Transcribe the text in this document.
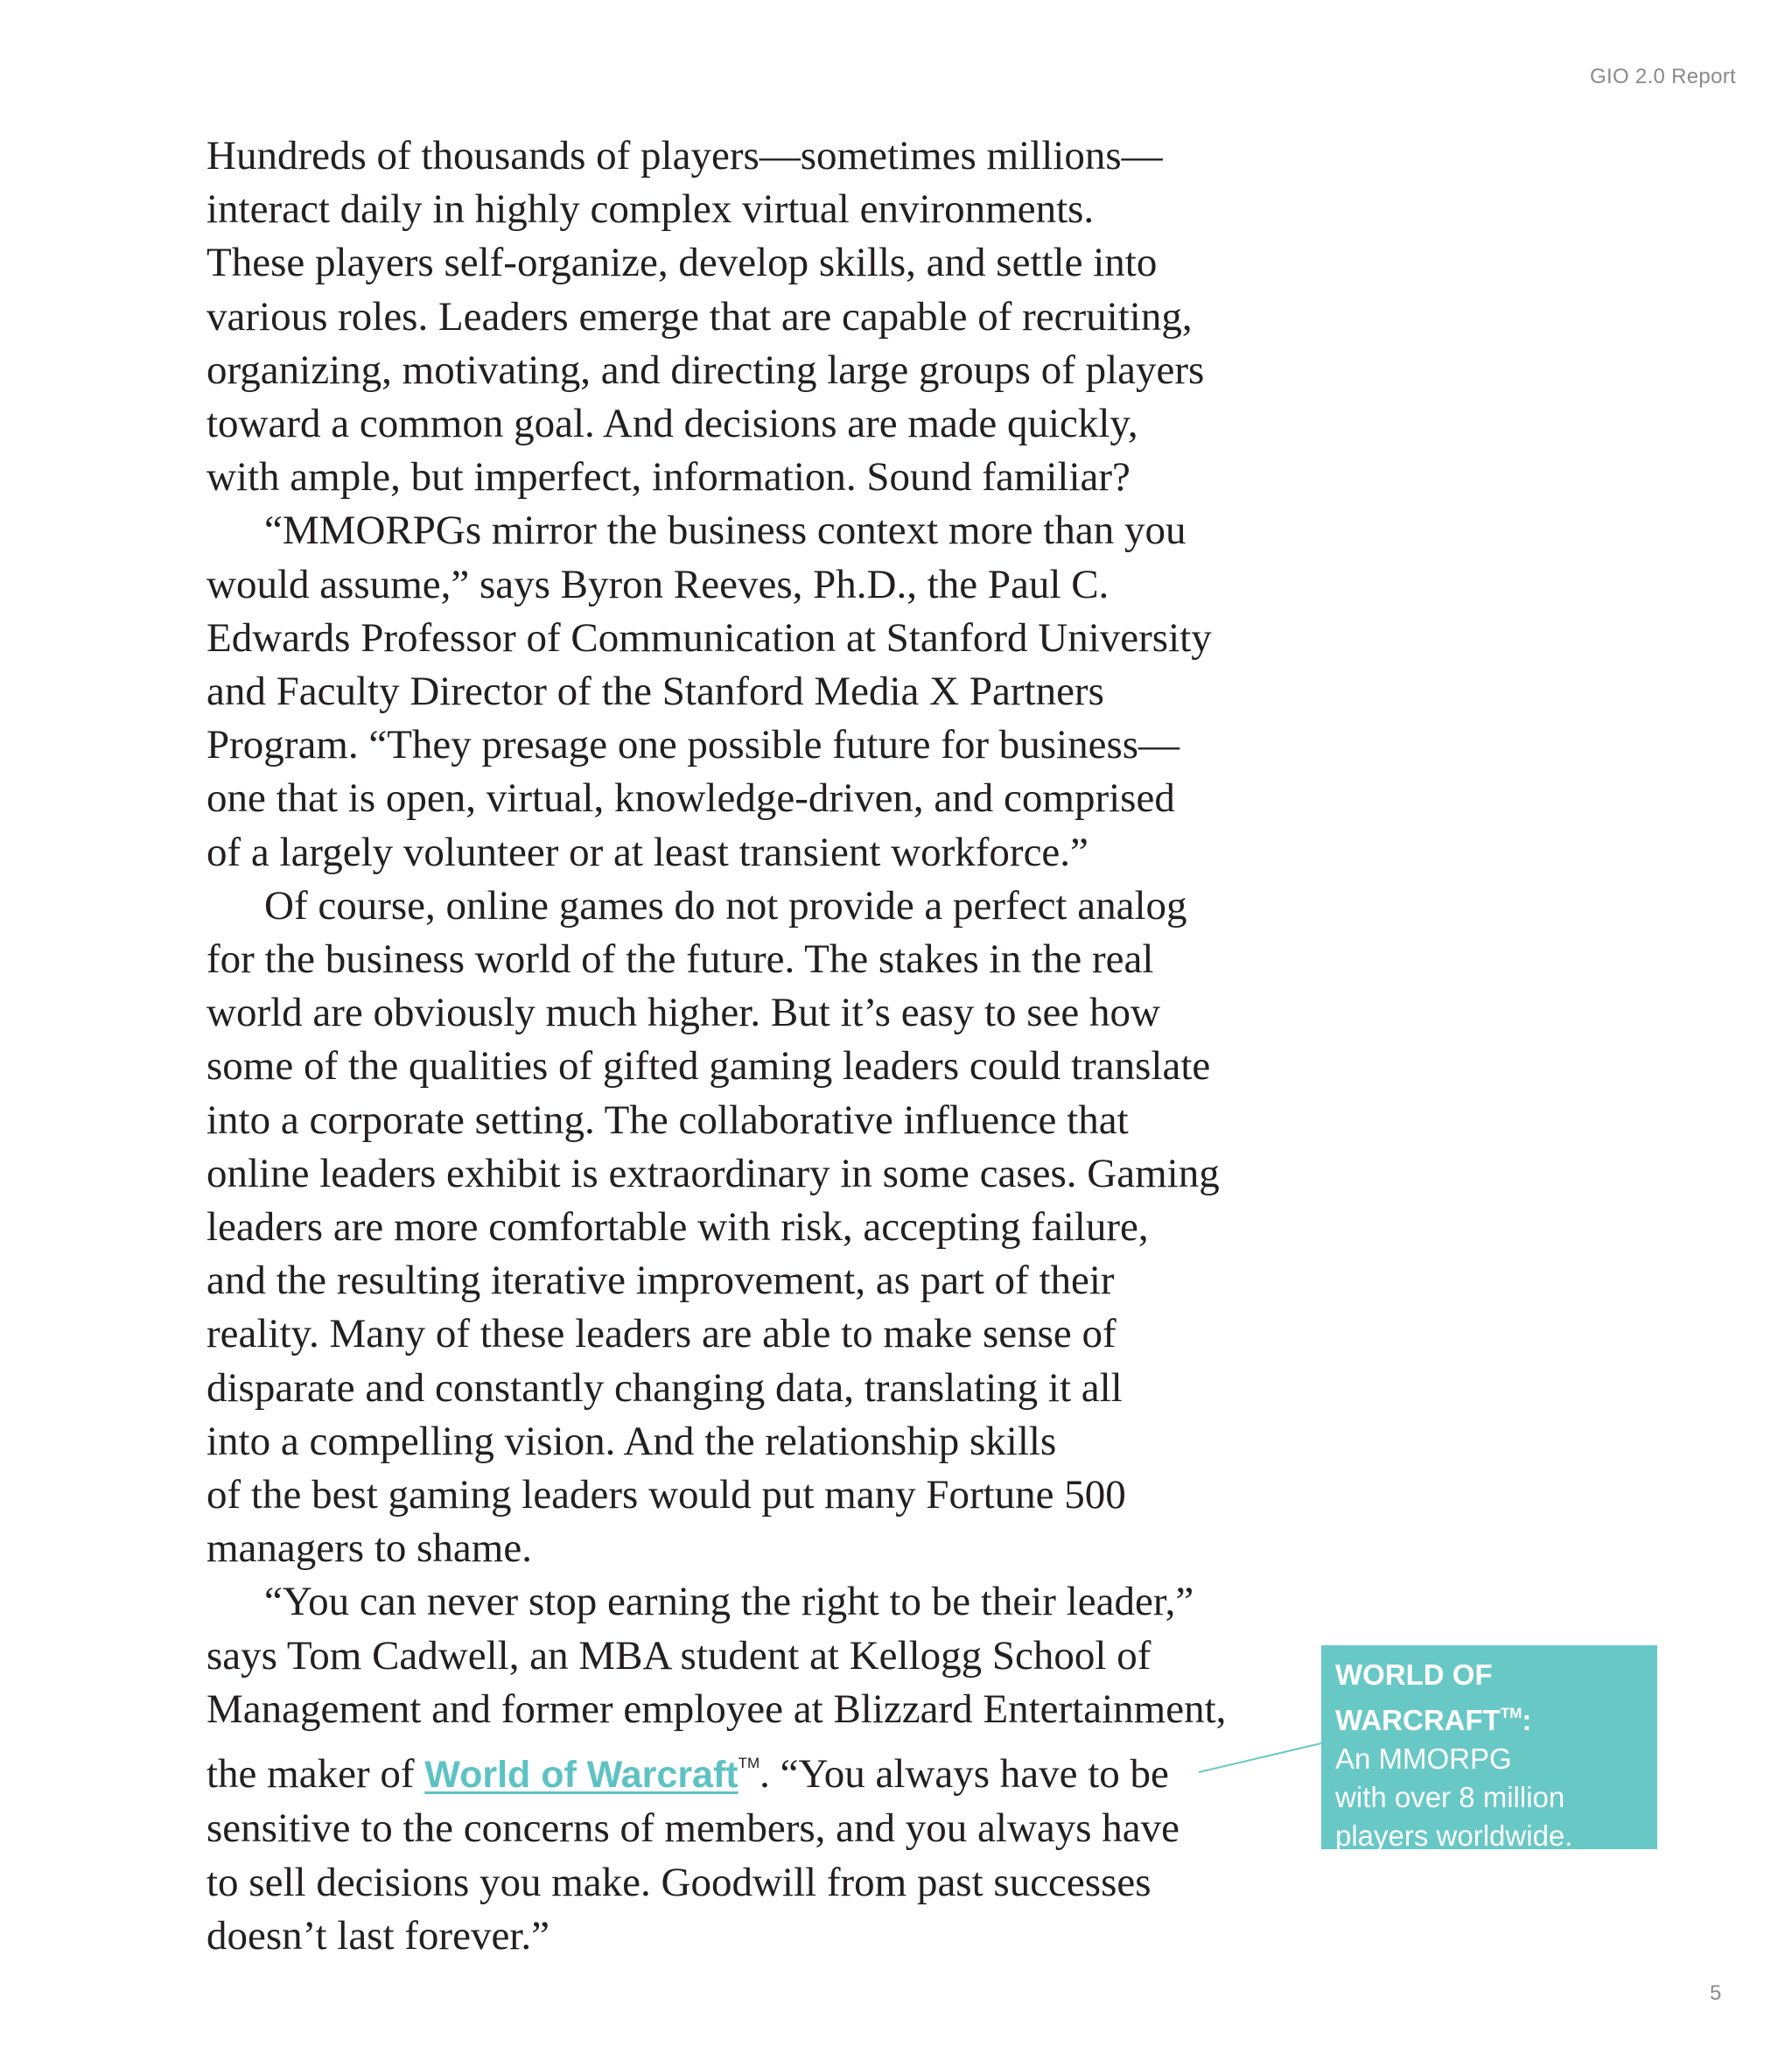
GIO 2.0 Report
Hundreds of thousands of players—sometimes millions—
interact daily in highly complex virtual environments.
These players self-organize, develop skills, and settle into
various roles. Leaders emerge that are capable of recruiting,
organizing, motivating, and directing large groups of players
toward a common goal. And decisions are made quickly,
with ample, but imperfect, information. Sound familiar?
“MMORPGs mirror the business context more than you
would assume,” says Byron Reeves, Ph.D., the Paul C.
Edwards Professor of Communication at Stanford University
and Faculty Director of the Stanford Media X Partners
Program. “They presage one possible future for business—
one that is open, virtual, knowledge-driven, and comprised
of a largely volunteer or at least transient workforce.”
Of course, online games do not provide a perfect analog
for the business world of the future. The stakes in the real
world are obviously much higher. But it’s easy to see how
some of the qualities of gifted gaming leaders could translate
into a corporate setting. The collaborative influence that
online leaders exhibit is extraordinary in some cases. Gaming
leaders are more comfortable with risk, accepting failure,
and the resulting iterative improvement, as part of their
reality. Many of these leaders are able to make sense of
disparate and constantly changing data, translating it all
into a compelling vision. And the relationship skills
of the best gaming leaders would put many Fortune 500
managers to shame.
“You can never stop earning the right to be their leader,”
says Tom Cadwell, an MBA student at Kellogg School of
Management and former employee at Blizzard Entertainment,
the maker of World of Warcraft™. “You always have to be
sensitive to the concerns of members, and you always have
to sell decisions you make. Goodwill from past successes
doesn’t last forever.”
WORLD OF
WARCRAFT™:
An MMORPG
with over 8 million
players worldwide.
5
